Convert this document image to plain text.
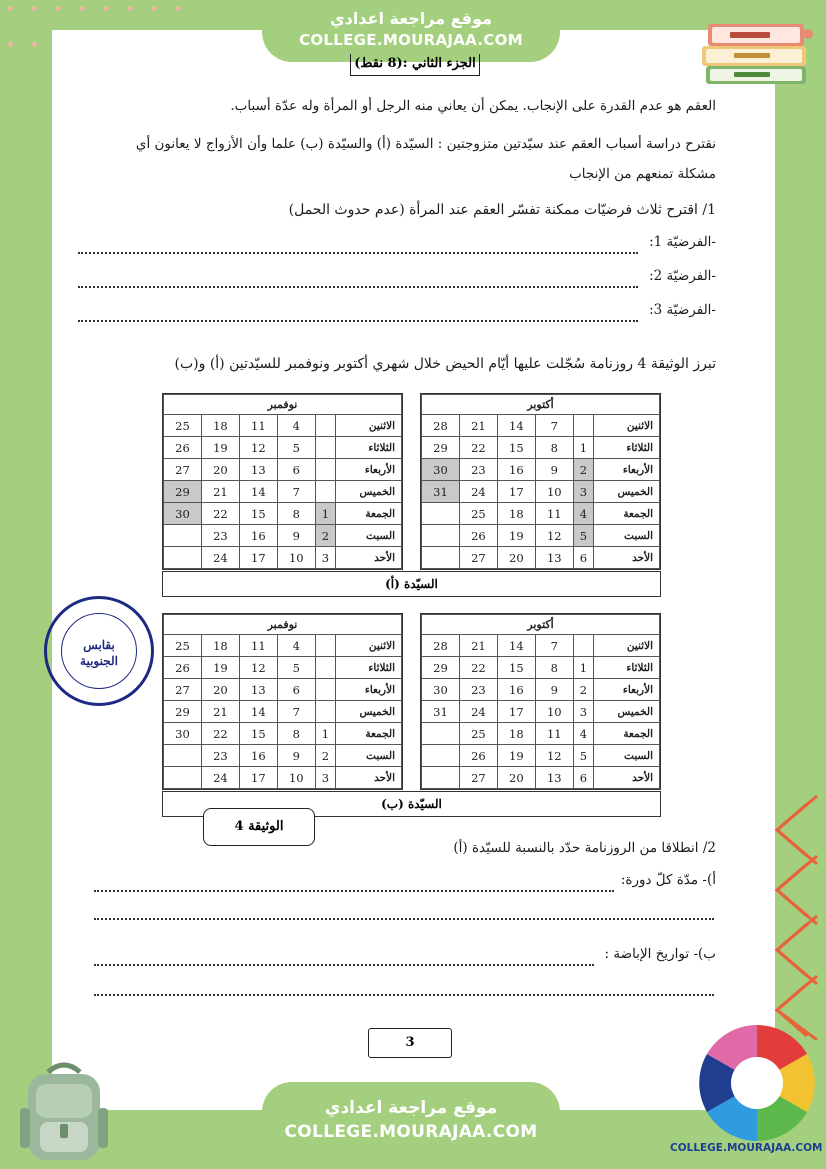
موقع مراجعة اعدادي
COLLEGE.MOURAJAA.COM
الجزء الثاني :(8 نقط)
العقم هو عدم القدرة على الإنجاب. يمكن أن يعاني منه الرجل أو المرأة وله عدّة أسباب.
نقترح دراسة أسباب العقم عند سيّدتين متزوجتين : السيّدة (أ) والسيّدة (ب) علما وأن الأزواج لا يعانون أي
مشكلة تمنعهم من الإنجاب
1/ اقترح ثلاث فرضيّات ممكنة تفسّر العقم عند المرأة (عدم حدوث الحمل)
-الفرضيّة 1:
-الفرضيّة 2:
-الفرضيّة 3:
تبرز الوثيقة 4 روزنامة سُجّلت عليها أيّام الحيض خلال شهري أكتوبر ونوفمبر للسيّدتين (أ) و(ب)
نوفمبر					
25	18	11	4		الاثنين
26	19	12	5		الثلاثاء
27	20	13	6		الأربعاء
29	21	14	7		الخميس
30	22	15	8	1	الجمعة
	23	16	9	2	السبت
	24	17	10	3	الأحد
أكتوبر					
28	21	14	7		الاثنين
29	22	15	8	1	الثلاثاء
30	23	16	9	2	الأربعاء
31	24	17	10	3	الخميس
	25	18	11	4	الجمعة
	26	19	12	5	السبت
	27	20	13	6	الأحد
السيّدة (أ)
نوفمبر					
25	18	11	4		الاثنين
26	19	12	5		الثلاثاء
27	20	13	6		الأربعاء
29	21	14	7		الخميس
30	22	15	8	1	الجمعة
	23	16	9	2	السبت
	24	17	10	3	الأحد
أكتوبر					
28	21	14	7		الاثنين
29	22	15	8	1	الثلاثاء
30	23	16	9	2	الأربعاء
31	24	17	10	3	الخميس
	25	18	11	4	الجمعة
	26	19	12	5	السبت
	27	20	13	6	الأحد
السيّدة (ب)
الوثيقة 4
بقابس
الجنوبية
2/ انطلاقا من الروزنامة حدّد بالنسبة للسيّدة (أ)
أ)- مدّة كلّ دورة:
ب)- تواريخ الإباضة :
3
موقع مراجعة اعدادي
COLLEGE.MOURAJAA.COM
COLLEGE.MOURAJAA.COM
